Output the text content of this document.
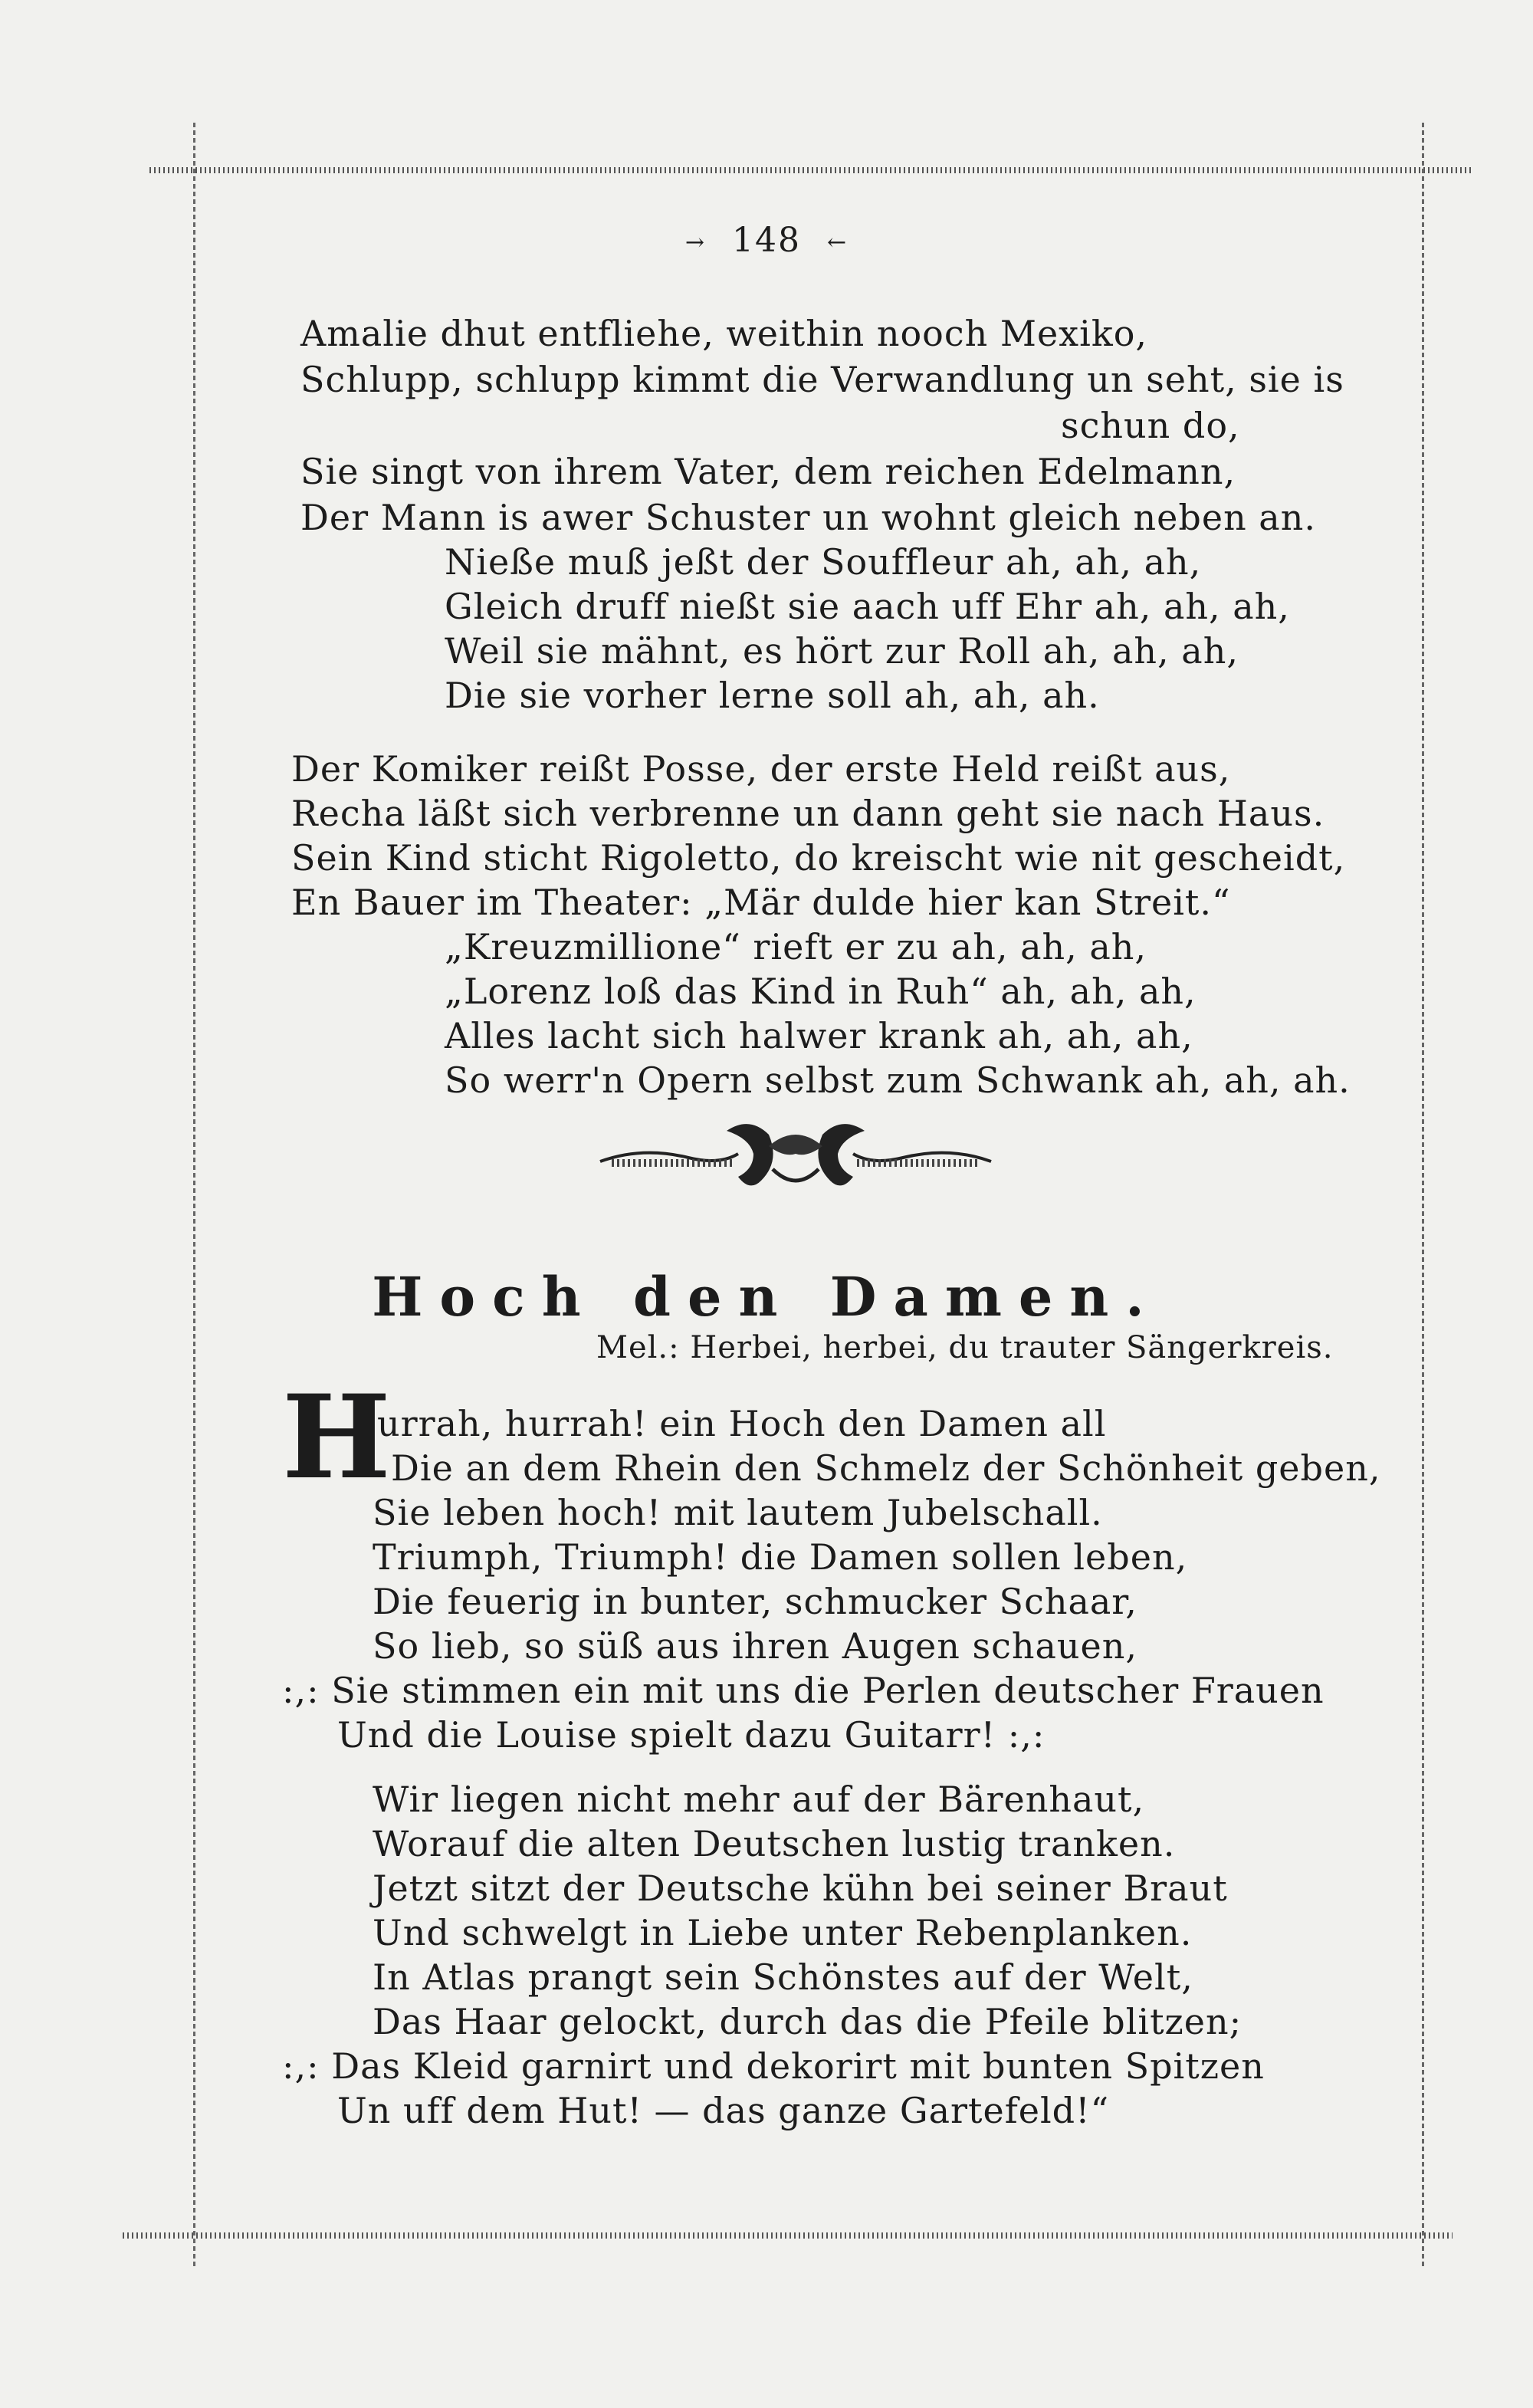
→ 148 ←
Amalie dhut entfliehe, weithin nooch Mexiko,
Schlupp, schlupp kimmt die Verwandlung un seht, sie is
schun do,
Sie singt von ihrem Vater, dem reichen Edelmann,
Der Mann is awer Schuster un wohnt gleich neben an.
Nieße muß jeßt der Souffleur ah, ah, ah,
Gleich druff nießt sie aach uff Ehr ah, ah, ah,
Weil sie mähnt, es hört zur Roll ah, ah, ah,
Die sie vorher lerne soll ah, ah, ah.
Der Komiker reißt Posse, der erste Held reißt aus,
Recha läßt sich verbrenne un dann geht sie nach Haus.
Sein Kind sticht Rigoletto, do kreischt wie nit gescheidt,
En Bauer im Theater: „Mär dulde hier kan Streit.“
„Kreuzmillione“ rieft er zu ah, ah, ah,
„Lorenz loß das Kind in Ruh“ ah, ah, ah,
Alles lacht sich halwer krank ah, ah, ah,
So werr'n Opern selbst zum Schwank ah, ah, ah.
Hoch den Damen.
Mel.: Herbei, herbei, du trauter Sängerkreis.
H
urrah, hurrah! ein Hoch den Damen all
Die an dem Rhein den Schmelz der Schönheit geben,
Sie leben hoch! mit lautem Jubelschall.
Triumph, Triumph! die Damen sollen leben,
Die feuerig in bunter, schmucker Schaar,
So lieb, so süß aus ihren Augen schauen,
:,: Sie stimmen ein mit uns die Perlen deutscher Frauen
Und die Louise spielt dazu Guitarr! :,:
Wir liegen nicht mehr auf der Bärenhaut,
Worauf die alten Deutschen lustig tranken.
Jetzt sitzt der Deutsche kühn bei seiner Braut
Und schwelgt in Liebe unter Rebenplanken.
In Atlas prangt sein Schönstes auf der Welt,
Das Haar gelockt, durch das die Pfeile blitzen;
:,: Das Kleid garnirt und dekorirt mit bunten Spitzen
Un uff dem Hut! — das ganze Gartefeld!“
